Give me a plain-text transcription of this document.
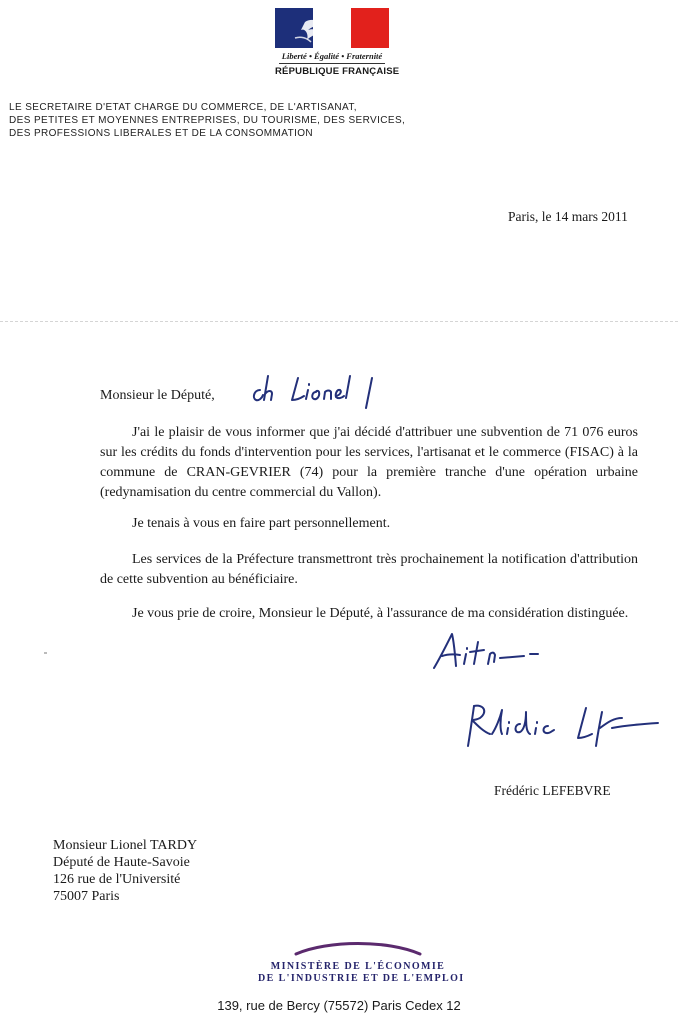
Liberté • Égalité • Fraternité
RÉPUBLIQUE FRANÇAISE
LE SECRETAIRE D'ETAT CHARGE DU COMMERCE, DE L'ARTISANAT,
DES PETITES ET MOYENNES ENTREPRISES, DU TOURISME, DES SERVICES,
DES PROFESSIONS LIBERALES ET DE LA CONSOMMATION
Paris, le 14 mars 2011
Monsieur le Député,
J'ai le plaisir de vous informer que j'ai décidé d'attribuer une subvention de 71 076 euros sur les crédits du fonds d'intervention pour les services, l'artisanat et le commerce (FISAC) à la commune de CRAN-GEVRIER (74) pour la première tranche d'une opération urbaine (redynamisation du centre commercial du Vallon).
Je tenais à vous en faire part personnellement.
Les services de la Préfecture transmettront très prochainement la notification d'attribution de cette subvention au bénéficiaire.
Je vous prie de croire, Monsieur le Député, à l'assurance de ma considération distinguée.
Frédéric LEFEBVRE
Monsieur Lionel TARDY
Député de Haute-Savoie
126 rue de l'Université
75007 Paris
MINISTÈRE DE L'ÉCONOMIE
DE L'INDUSTRIE ET DE L'EMPLOI
139, rue de Bercy (75572) Paris Cedex 12
